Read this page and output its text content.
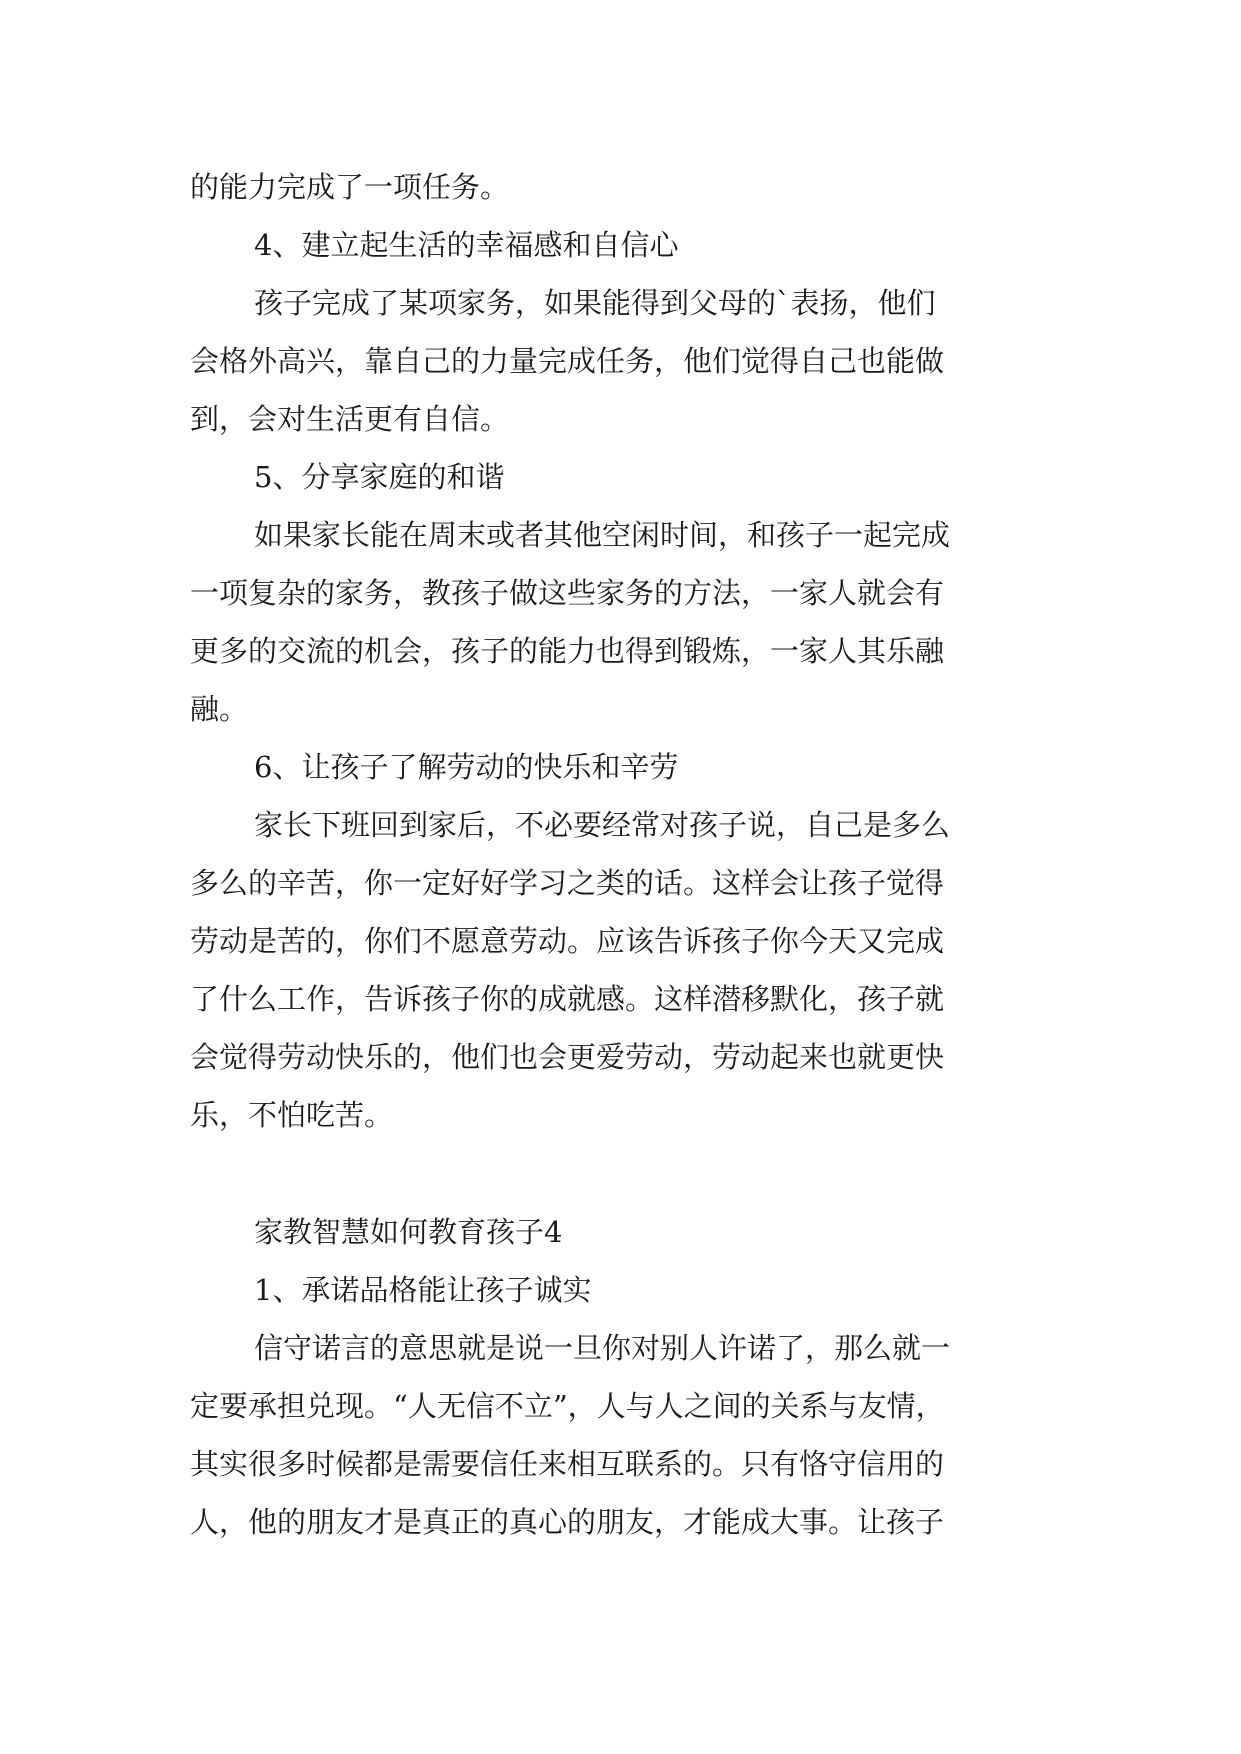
的能力完成了一项任务。
4、建立起生活的幸福感和自信心
孩子完成了某项家务，如果能得到父母的`表扬，他们
会格外高兴，靠自己的力量完成任务，他们觉得自己也能做
到，会对生活更有自信。
5、分享家庭的和谐
如果家长能在周末或者其他空闲时间，和孩子一起完成
一项复杂的家务，教孩子做这些家务的方法，一家人就会有
更多的交流的机会，孩子的能力也得到锻炼，一家人其乐融
融。
6、让孩子了解劳动的快乐和辛劳
家长下班回到家后，不必要经常对孩子说，自己是多么
多么的辛苦，你一定好好学习之类的话。这样会让孩子觉得
劳动是苦的，你们不愿意劳动。应该告诉孩子你今天又完成
了什么工作，告诉孩子你的成就感。这样潜移默化，孩子就
会觉得劳动快乐的，他们也会更爱劳动，劳动起来也就更快
乐，不怕吃苦。
家教智慧如何教育孩子4
1、承诺品格能让孩子诚实
信守诺言的意思就是说一旦你对别人许诺了，那么就一
定要承担兑现。“人无信不立”，人与人之间的关系与友情，
其实很多时候都是需要信任来相互联系的。只有恪守信用的
人，他的朋友才是真正的真心的朋友，才能成大事。让孩子
